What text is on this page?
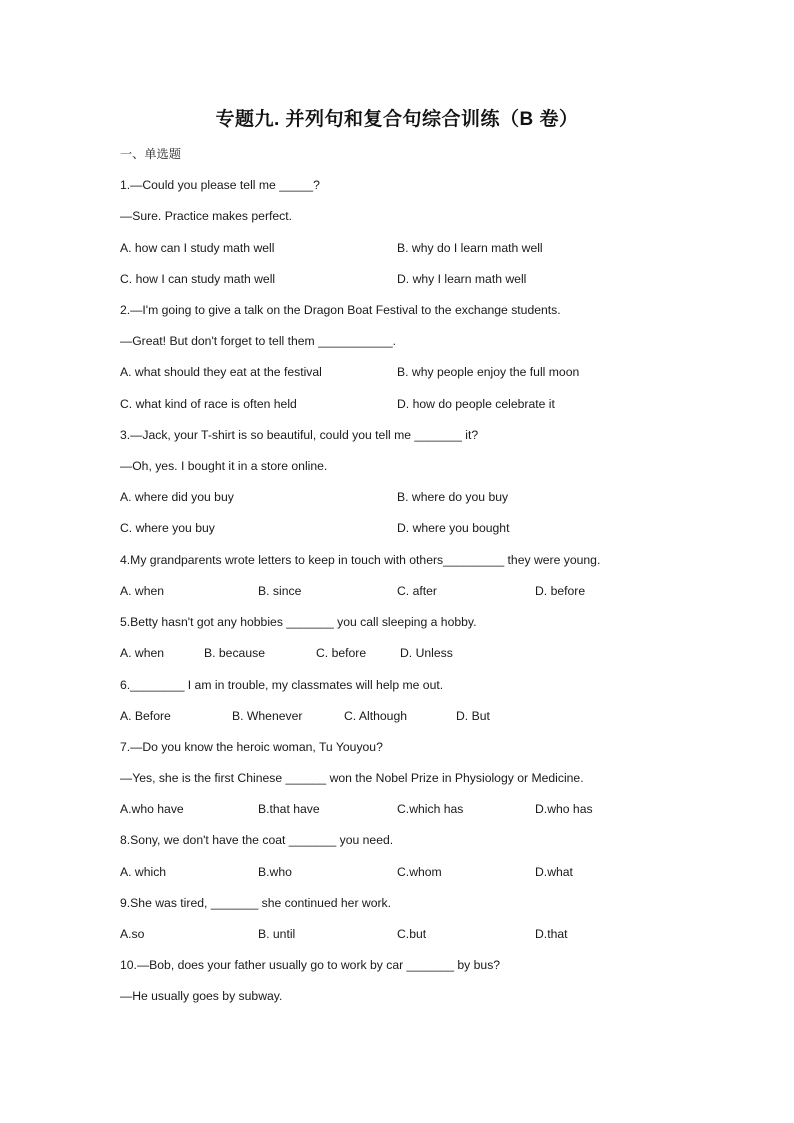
专题九. 并列句和复合句综合训练（B 卷）
一、单选题
1.—Could you please tell me _____?
—Sure. Practice makes perfect.
A. how can I study math well	B. why do I learn math well
C. how I can study math well	D. why I learn math well
2.—I'm going to give a talk on the Dragon Boat Festival to the exchange students.
—Great! But don't forget to tell them ___________.
A. what should they eat at the festival	B. why people enjoy the full moon
C. what kind of race is often held	D. how do people celebrate it
3.—Jack, your T-shirt is so beautiful, could you tell me _______ it?
—Oh, yes. I bought it in a store online.
A. where did you buy	B. where do you buy
C. where you buy	D. where you bought
4.My grandparents wrote letters to keep in touch with others_________ they were young.
A. when	B. since	C. after	D. before
5.Betty hasn't got any hobbies _______ you call sleeping a hobby.
A. when	B. because	C. before	D. Unless
6.________ I am in trouble, my classmates will help me out.
A. Before	B. Whenever	C. Although	D. But
7.—Do you know the heroic woman, Tu Youyou?
—Yes, she is the first Chinese ______ won the Nobel Prize in Physiology or Medicine.
A.who have	B.that have	C.which has	D.who has
8.Sony, we don't have the coat _______ you need.
A. which	B.who	C.whom	D.what
9.She was tired, _______ she continued her work.
A.so	B. until	C.but	D.that
10.—Bob, does your father usually go to work by car _______ by bus?
—He usually goes by subway.
